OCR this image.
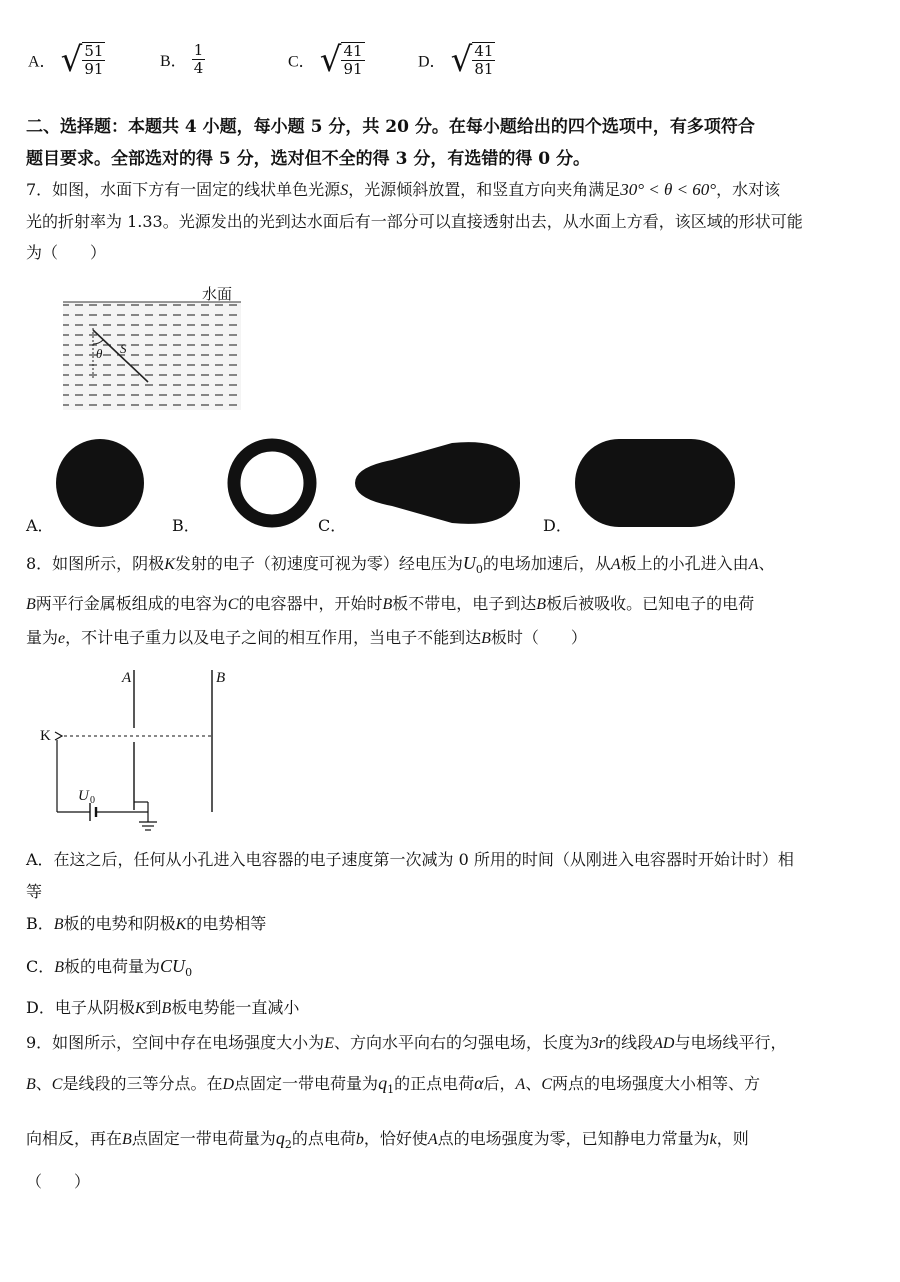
A． √ $\frac{51}{91}$	B． $\frac{1}{4}$	C． √ $\frac{41}{91}$	D． √ $\frac{41}{81}$
二、选择题：本题共 4 小题，每小题 5 分，共 20 分。在每小题给出的四个选项中，有多项符合
题目要求。全部选对的得 5 分，选对但不全的得 3 分，有选错的得 0 分。
7．如图，水面下方有一固定的线状单色光源S，光源倾斜放置，和竖直方向夹角满足30° < θ < 60°，水对该
光的折射率为 1.33。光源发出的光到达水面后有一部分可以直接透射出去，从水面上方看，该区域的形状可能
为（　　）
水面
θ S
A．	B．	C．	D．
8．如图所示，阴极K发射的电子（初速度可视为零）经电压为$U_0$的电场加速后，从A板上的小孔进入由A、
B两平行金属板组成的电容为C的电容器中，开始时B板不带电，电子到达B板后被吸收。已知电子的电荷
量为e，不计电子重力以及电子之间的相互作用，当电子不能到达B板时（　　）
A	B
K
U 0
A．在这之后，任何从小孔进入电容器的电子速度第一次减为 0 所用的时间（从刚进入电容器时开始计时）相
等
B．B板的电势和阴极K的电势相等
C．B板的电荷量为$CU_0$
D．电子从阴极K到B板电势能一直减小
9．如图所示，空间中存在电场强度大小为E、方向水平向右的匀强电场，长度为3r的线段AD与电场线平行，
B、C是线段的三等分点。在D点固定一带电荷量为$q_1$的正点电荷α后，A、C两点的电场强度大小相等、方
向相反，再在B点固定一带电荷量为$q_2$的点电荷b，恰好使A点的电场强度为零，已知静电力常量为k，则
（　　）
